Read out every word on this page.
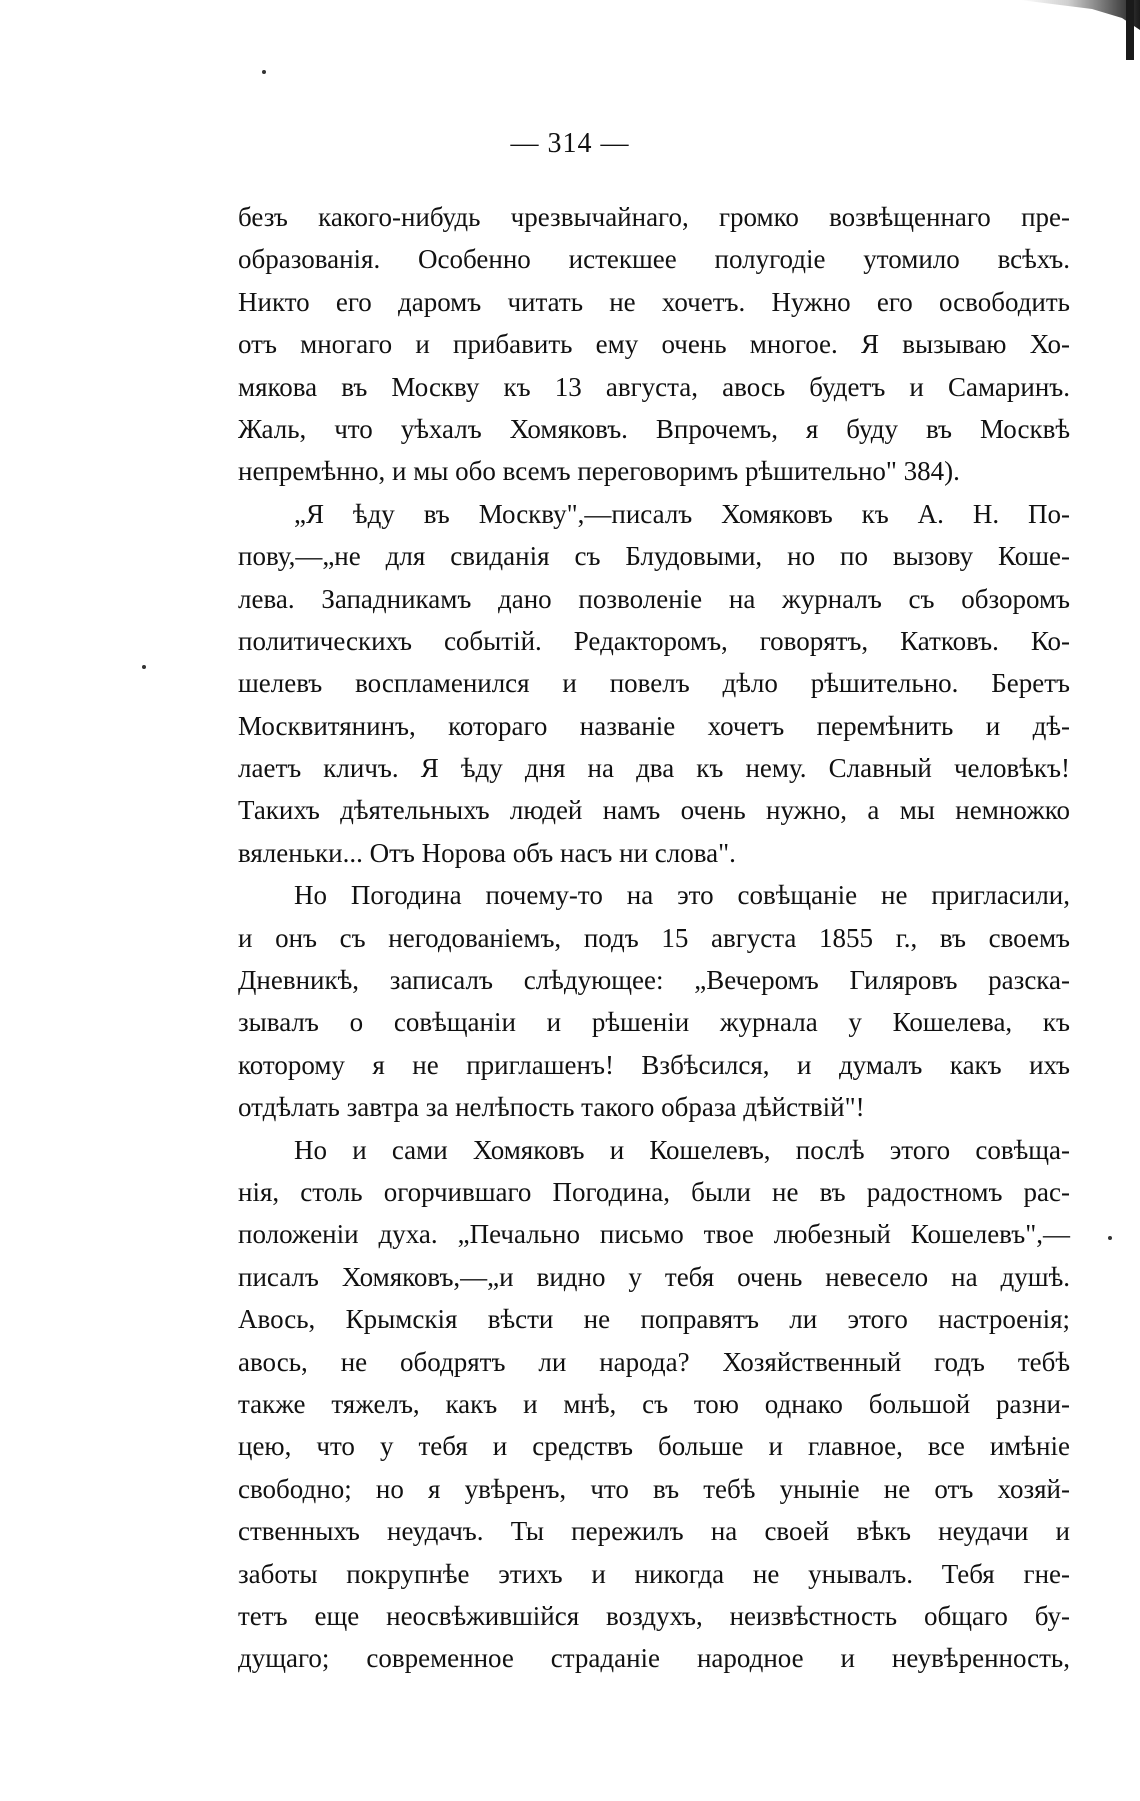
— 314 —

безъ какого-нибудь чрезвычайнаго, громко возвѣщеннаго пре-
образованія. Особенно истекшее полугодіе утомило всѣхъ.
Никто его даромъ читать не хочетъ. Нужно его освободить
отъ многаго и прибавить ему очень многое. Я вызываю Хо-
мякова въ Москву къ 13 августа, авось будетъ и Самаринъ.
Жаль, что уѣхалъ Хомяковъ. Впрочемъ, я буду въ Москвѣ
непремѣнно, и мы обо всемъ переговоримъ рѣшительно" 384).
„Я ѣду въ Москву",—писалъ Хомяковъ къ А. Н. По-
пову,—„не для свиданія съ Блудовыми, но по вызову Коше-
лева. Западникамъ дано позволеніе на журналъ съ обзоромъ
политическихъ событій. Редакторомъ, говорятъ, Катковъ. Ко-
шелевъ воспламенился и повелъ дѣло рѣшительно. Беретъ
Москвитянинъ, котораго названіе хочетъ перемѣнить и дѣ-
лаетъ кличъ. Я ѣду дня на два къ нему. Славный человѣкъ!
Такихъ дѣятельныхъ людей намъ очень нужно, а мы немножко
вяленьки... Отъ Норова объ насъ ни слова".
Но Погодина почему-то на это совѣщаніе не пригласили,
и онъ съ негодованіемъ, подъ 15 августа 1855 г., въ своемъ
Дневникѣ, записалъ слѣдующее: „Вечеромъ Гиляровъ разска-
зывалъ о совѣщаніи и рѣшеніи журнала у Кошелева, къ
которому я не приглашенъ! Взбѣсился, и думалъ какъ ихъ
отдѣлать завтра за нелѣпость такого образа дѣйствій"!
Но и сами Хомяковъ и Кошелевъ, послѣ этого совѣща-
нія, столь огорчившаго Погодина, были не въ радостномъ рас-
положеніи духа. „Печально письмо твое любезный Кошелевъ",—
писалъ Хомяковъ,—„и видно у тебя очень невесело на душѣ.
Авось, Крымскія вѣсти не поправятъ ли этого настроенія;
авось, не ободрятъ ли народа? Хозяйственный годъ тебѣ
также тяжелъ, какъ и мнѣ, съ тою однако большой разни-
цею, что у тебя и средствъ больше и главное, все имѣніе
свободно; но я увѣренъ, что въ тебѣ уныніе не отъ хозяй-
ственныхъ неудачъ. Ты пережилъ на своей вѣкъ неудачи и
заботы покрупнѣе этихъ и никогда не унывалъ. Тебя гне-
тетъ еще неосвѣжившійся воздухъ, неизвѣстность общаго бу-
дущаго; современное страданіе народное и неувѣренность,
